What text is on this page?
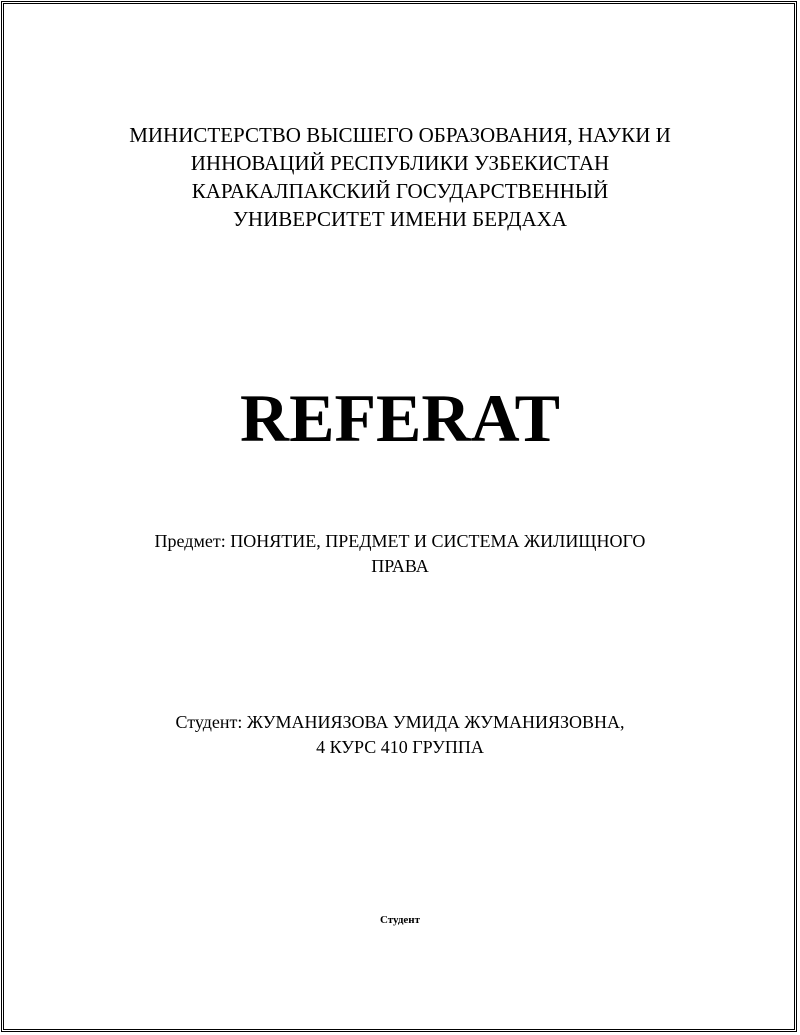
МИНИСТЕРСТВО ВЫСШЕГО ОБРАЗОВАНИЯ, НАУКИ И
ИННОВАЦИЙ РЕСПУБЛИКИ УЗБЕКИСТАН
КАРАКАЛПАКСКИЙ ГОСУДАРСТВЕННЫЙ
УНИВЕРСИТЕТ ИМЕНИ БЕРДАХА
REFERAT
Предмет: ПОНЯТИЕ, ПРЕДМЕТ И СИСТЕМА ЖИЛИЩНОГО
ПРАВА
Студент: ЖУМАНИЯЗОВА УМИДА ЖУМАНИЯЗОВНА,
4 КУРС 410 ГРУППА
Студент
